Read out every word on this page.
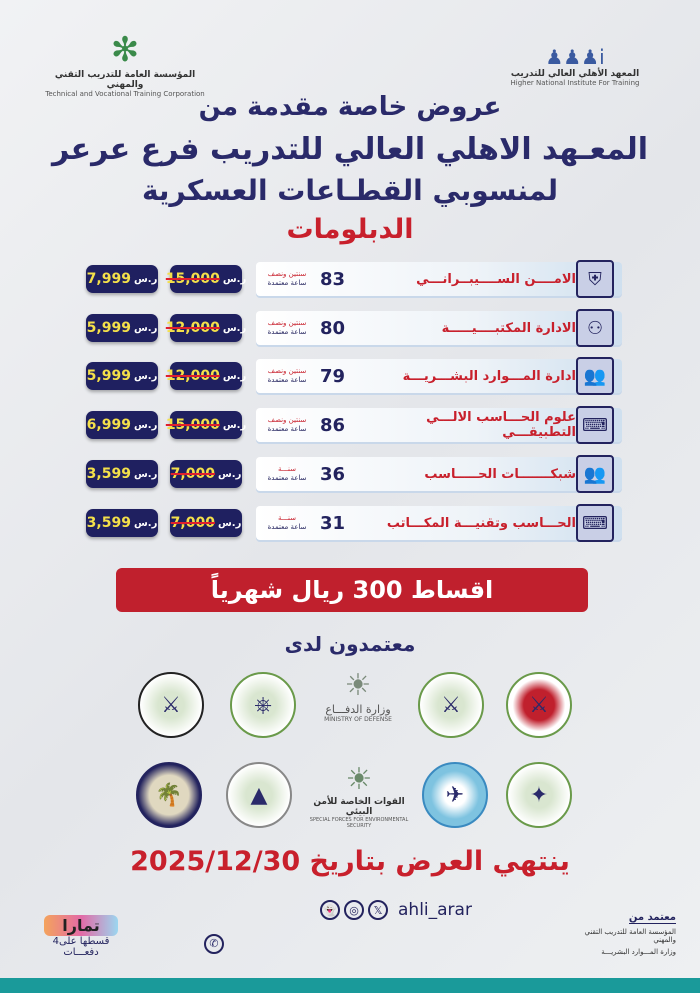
✻
المؤسسة العامة للتدريب التقني والمهني
Technical and Vocational Training Corporation
♟♟♟i
المعهد الأهلي العالي للتدريب
Higher National Institute For Training
عروض خاصة مقدمة من
المعـهد الاهلي العالي للتدريب فرع عرعر
لمنسوبي القطـاعات العسكرية
الدبلومات
7,999 ر.س 15,000 ر.س	⛨
الامــــن الســــيبــرانـــي
83
سنتين ونصف
ساعة معتمدة
5,999 ر.س 12,000 ر.س	⚇
الادارة المكتبــــيـــــة
80
سنتين ونصف
ساعة معتمدة
5,999 ر.س 12,000 ر.س	👥
ادارة المـــوارد البشـــريـــة
79
سنتين ونصف
ساعة معتمدة
6,999 ر.س 15,000 ر.س	⌨
علوم الحـــاسب الالـــي التطبيقـــي
86
سنتين ونصف
ساعة معتمدة
3,599 ر.س 7,000 ر.س	👥
شبكـــــــات الحـــــاسب
36
سنـــة
ساعة معتمدة
3,599 ر.س 7,000 ر.س	⌨
الحـــاسب وتقنيـــة المكـــاتب
31
سنـــة
ساعة معتمدة
اقساط 300 ريال شهرياً
معتمدون لدى
⚔	⎈
☀
وزارة الدفـــاع
MINISTRY OF DEFENSE
⚔	⚔
🌴	▲	☀
القوات الخاصة للأمن البيئي
SPECIAL FORCES FOR ENVIRONMENTAL SECURITY
✈	✦
ينتهي العرض بتاريخ 2025/12/30
👻	◎	𝕏 ahli_arar
✆
تمارا
قسطها على4
دفعـــات
معتمد من
المؤسسة العامة للتدريب التقني والمهني
وزارة المـــوارد البشريـــة
